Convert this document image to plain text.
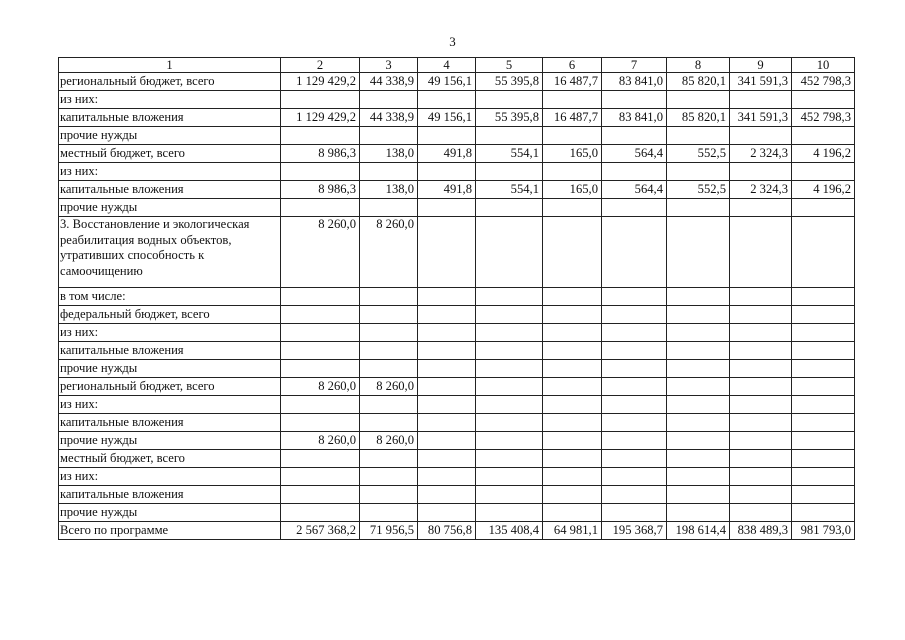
3
1	2	3	4	5	6	7	8	9	10
региональный бюджет, всего	1 129 429,2	44 338,9	49 156,1	55 395,8	16 487,7	83 841,0	85 820,1	341 591,3	452 798,3
из них:									
капитальные вложения	1 129 429,2	44 338,9	49 156,1	55 395,8	16 487,7	83 841,0	85 820,1	341 591,3	452 798,3
прочие нужды									
местный бюджет, всего	8 986,3	138,0	491,8	554,1	165,0	564,4	552,5	2 324,3	4 196,2
из них:									
капитальные вложения	8 986,3	138,0	491,8	554,1	165,0	564,4	552,5	2 324,3	4 196,2
прочие нужды									
3. Восстановление и экологическая реабилитация водных объектов, утративших способность к самоочищению	8 260,0	8 260,0							
в том числе:									
федеральный бюджет, всего									
из них:									
капитальные вложения									
прочие нужды									
региональный бюджет, всего	8 260,0	8 260,0							
из них:									
капитальные вложения									
прочие нужды	8 260,0	8 260,0							
местный бюджет, всего									
из них:									
капитальные вложения									
прочие нужды									
Всего по программе	2 567 368,2	71 956,5	80 756,8	135 408,4	64 981,1	195 368,7	198 614,4	838 489,3	981 793,0
